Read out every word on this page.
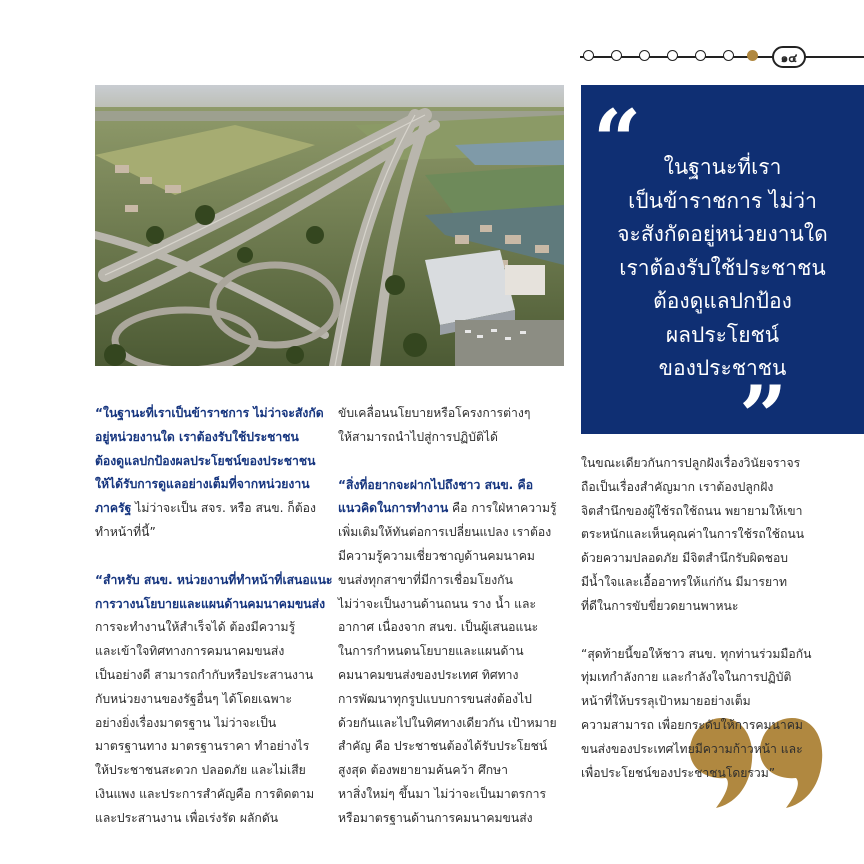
๑๔
“	ในฐานะที่เรา
เป็นข้าราชการ ไม่ว่า
จะสังกัดอยู่หน่วยงานใด
เราต้องรับใช้ประชาชน
ต้องดูแลปกป้อง
ผลประโยชน์
ของประชาชน
”

“ในฐานะที่เราเป็นข้าราชการ ไม่ว่าจะสังกัด
อยู่หน่วยงานใด เราต้องรับใช้ประชาชน
ต้องดูแลปกป้องผลประโยชน์ของประชาชน
ให้ได้รับการดูแลอย่างเต็มที่จากหน่วยงาน
ภาครัฐ ไม่ว่าจะเป็น สจร. หรือ สนข. ก็ต้อง
ทำหน้าที่นี้”

“สำหรับ สนข. หน่วยงานที่ทำหน้าที่เสนอแนะ
การวางนโยบายและแผนด้านคมนาคมขนส่ง
การจะทำงานให้สำเร็จได้ ต้องมีความรู้
และเข้าใจทิศทางการคมนาคมขนส่ง
เป็นอย่างดี สามารถกำกับหรือประสานงาน
กับหน่วยงานของรัฐอื่นๆ ได้โดยเฉพาะ
อย่างยิ่งเรื่องมาตรฐาน ไม่ว่าจะเป็น
มาตรฐานทาง มาตรฐานราคา ทำอย่างไร
ให้ประชาชนสะดวก ปลอดภัย และไม่เสีย
เงินแพง และประการสำคัญคือ การติดตาม
และประสานงาน เพื่อเร่งรัด ผลักดัน

ขับเคลื่อนนโยบายหรือโครงการต่างๆ
ให้สามารถนำไปสู่การปฏิบัติได้

“สิ่งที่อยากจะฝากไปถึงชาว สนข. คือ
แนวคิดในการทำงาน คือ การใฝ่หาความรู้
เพิ่มเติมให้ทันต่อการเปลี่ยนแปลง เราต้อง
มีความรู้ความเชี่ยวชาญด้านคมนาคม
ขนส่งทุกสาขาที่มีการเชื่อมโยงกัน
ไม่ว่าจะเป็นงานด้านถนน ราง น้ำ และ
อากาศ เนื่องจาก สนข. เป็นผู้เสนอแนะ
ในการกำหนดนโยบายและแผนด้าน
คมนาคมขนส่งของประเทศ ทิศทาง
การพัฒนาทุกรูปแบบการขนส่งต้องไป
ด้วยกันและไปในทิศทางเดียวกัน เป้าหมาย
สำคัญ คือ ประชาชนต้องได้รับประโยชน์
สูงสุด ต้องพยายามค้นคว้า ศึกษา
หาสิ่งใหม่ๆ ขึ้นมา ไม่ว่าจะเป็นมาตรการ
หรือมาตรฐานด้านการคมนาคมขนส่ง

ในขณะเดียวกันการปลูกฝังเรื่องวินัยจราจร
ถือเป็นเรื่องสำคัญมาก เราต้องปลูกฝัง
จิตสำนึกของผู้ใช้รถใช้ถนน พยายามให้เขา
ตระหนักและเห็นคุณค่าในการใช้รถใช้ถนน
ด้วยความปลอดภัย มีจิตสำนึกรับผิดชอบ
มีน้ำใจและเอื้ออาทรให้แก่กัน มีมารยาท
ที่ดีในการขับขี่ยวดยานพาหนะ

“สุดท้ายนี้ขอให้ชาว สนข. ทุกท่านร่วมมือกัน
ทุ่มเทกำลังกาย และกำลังใจในการปฏิบัติ
หน้าที่ให้บรรลุเป้าหมายอย่างเต็ม
ความสามารถ เพื่อยกระดับให้การคมนาคม
ขนส่งของประเทศไทยมีความก้าวหน้า และ
เพื่อประโยชน์ของประชาชนโดยรวม”
